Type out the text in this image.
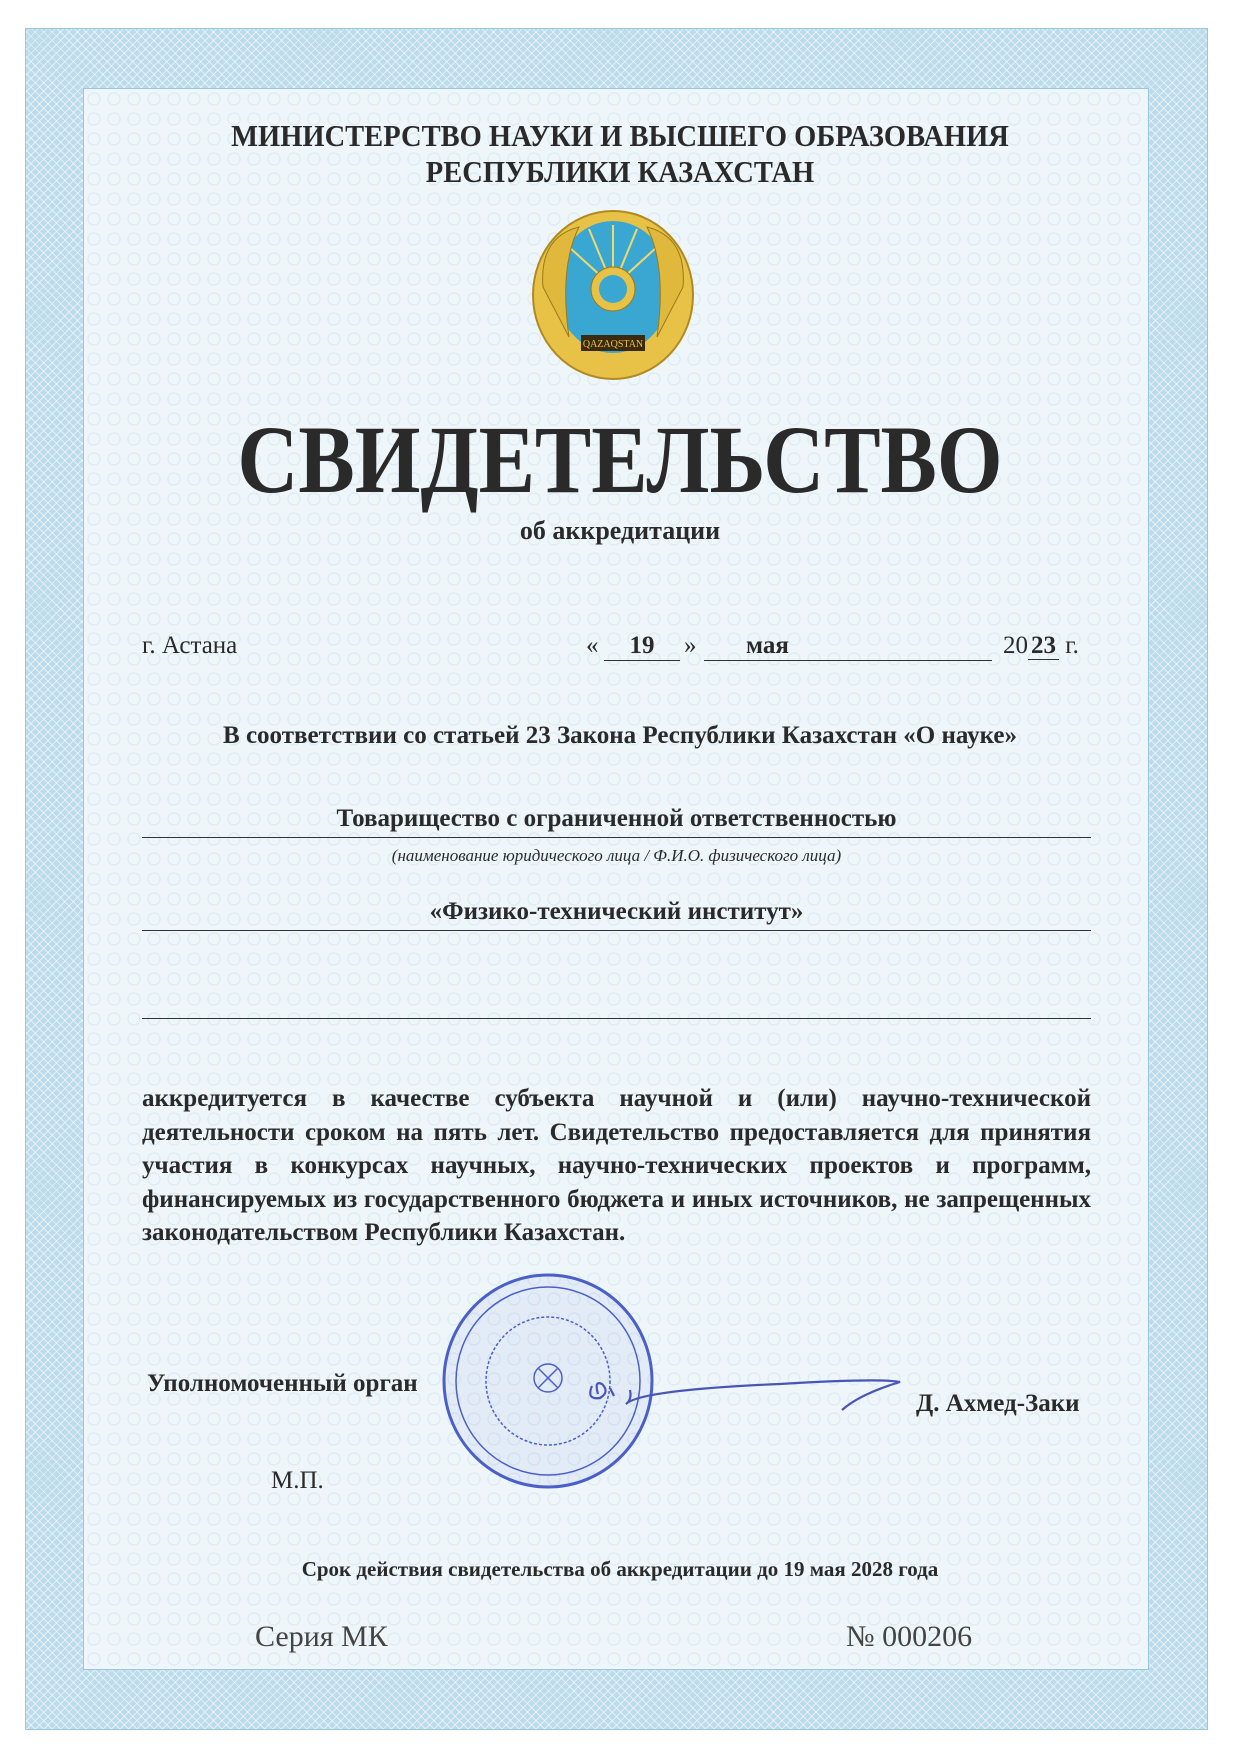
МИНИСТЕРСТВО НАУКИ И ВЫСШЕГО ОБРАЗОВАНИЯ
РЕСПУБЛИКИ КАЗАХСТАН
QAZAQSTAN
СВИДЕТЕЛЬСТВО
об аккредитации
г. Астана	«	19	»	мая	20 23 г.
В соответствии со статьей 23 Закона Республики Казахстан «О науке»
Товарищество с ограниченной ответственностью
(наименование юридического лица / Ф.И.О. физического лица)
«Физико-технический институт»
аккредитуется в качестве субъекта научной и (или) научно-технической деятельности сроком на пять лет. Свидетельство предоставляется для принятия участия в конкурсах научных, научно-технических проектов и программ, финансируемых из государственного бюджета и иных источников, не запрещенных законодательством Республики Казахстан.
Уполномоченный орган
Д. Ахмед-Заки
М.П.
Срок действия свидетельства об аккредитации до 19 мая 2028 года
Серия МК	№ 000206
